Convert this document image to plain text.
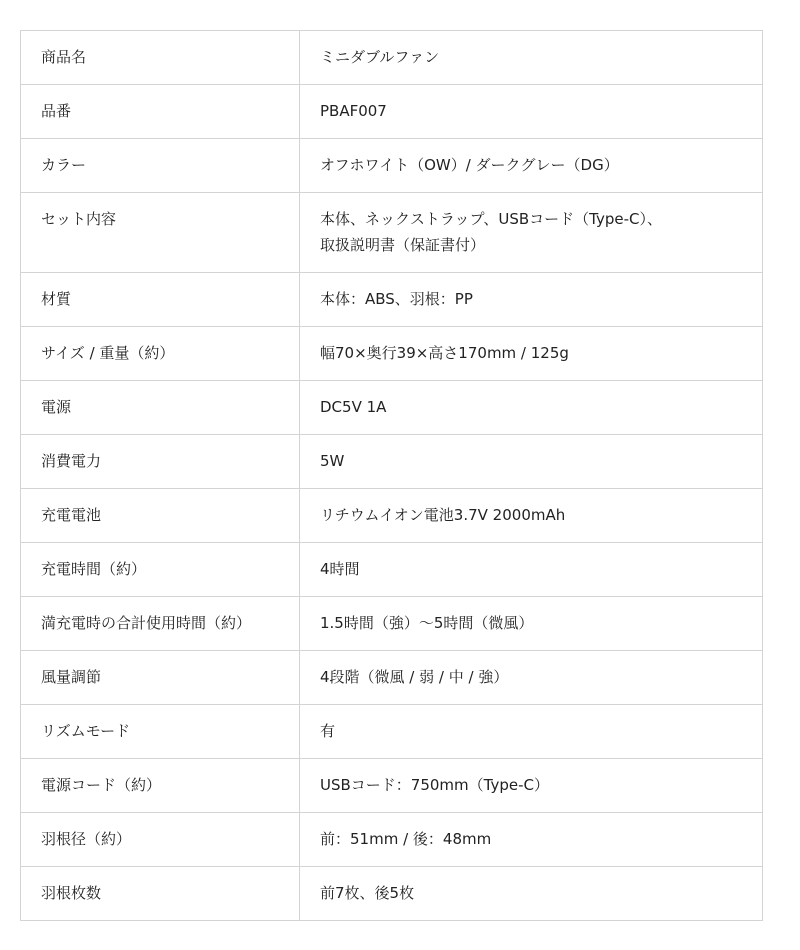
商品名	ミニダブルファン
品番	PBAF007
カラー	オフホワイト（OW）/ ダークグレー（DG）
セット内容	本体、ネックストラップ、USBコード（Type-C）、
取扱説明書（保証書付）
材質	本体：ABS、羽根：PP
サイズ / 重量（約）	幅70×奥行39×高さ170mm / 125g
電源	DC5V 1A
消費電力	5W
充電電池	リチウムイオン電池3.7V 2000mAh
充電時間（約）	4時間
満充電時の合計使用時間（約）	1.5時間（強）〜5時間（微風）
風量調節	4段階（微風 / 弱 / 中 / 強）
リズムモード	有
電源コード（約）	USBコード：750mm（Type-C）
羽根径（約）	前：51mm / 後：48mm
羽根枚数	前7枚、後5枚
